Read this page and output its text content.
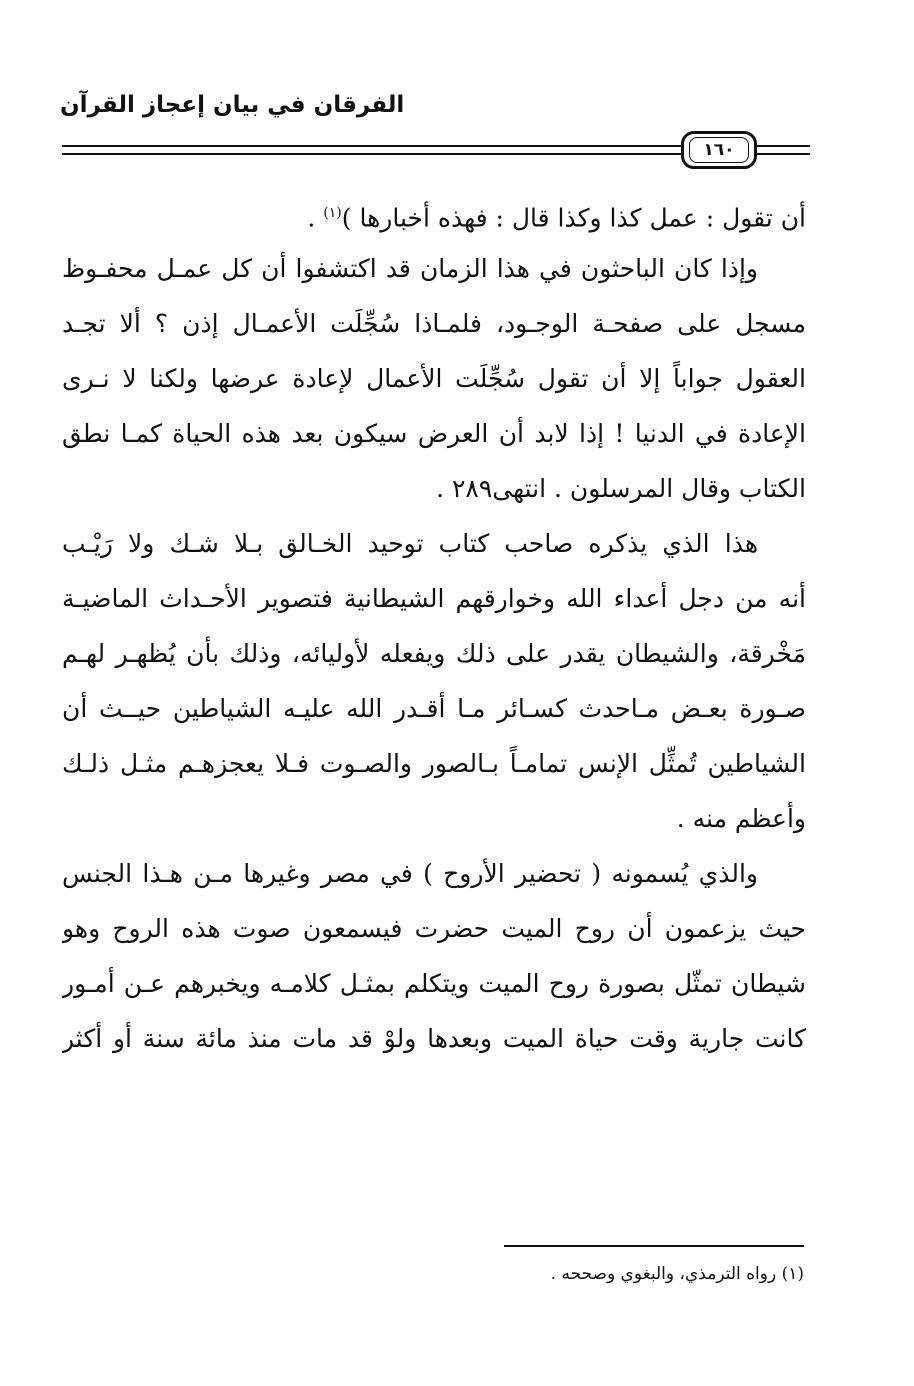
الفرقان في بيان إعجاز القرآن
١٦٠
أن تقول : عمل كذا وكذا قال : فهذه أخبارها )$^{(١)}$ .
وإذا كان الباحثون في هذا الزمان قد اكتشفوا أن كل عمـل محفـوظ
مسجل على صفحـة الوجـود، فلمـاذا سُجِّلَت الأعمـال إذن ؟ ألا تجـد
العقول جواباً إلا أن تقول سُجِّلَت الأعمال لإعادة عرضها ولكنا لا نـرى
الإعادة في الدنيا ! إذا لابد أن العرض سيكون بعد هذه الحياة كمـا نطق
الكتاب وقال المرسلون . انتهى٢٨٩ .
هذا الذي يذكره صاحب كتاب توحيد الخـالق بـلا شـك ولا رَيْـب
أنه من دجل أعداء الله وخوارقهم الشيطانية فتصوير الأحـداث الماضيـة
مَخْرقة، والشيطان يقدر على ذلك ويفعله لأوليائه، وذلك بأن يُظهـر لهـم
صـورة بعـض مـاحدث كسـائر مـا أقـدر الله عليـه الشياطين حيــث أن
الشياطين تُمثِّل الإنس تمامـاً بـالصور والصـوت فـلا يعجزهـم مثـل ذلـك
وأعظم منه .
والذي يُسمونه ( تحضير الأروح ) في مصر وغيرها مـن هـذا الجنس
حيث يزعمون أن روح الميت حضرت فيسمعون صوت هذه الروح وهو
شيطان تمثّل بصورة روح الميت ويتكلم بمثـل كلامـه ويخبرهم عـن أمـور
كانت جارية وقت حياة الميت وبعدها ولوْ قد مات منذ مائة سنة أو أكثر
(١) رواه الترمذي، والبغوي وصححه .
